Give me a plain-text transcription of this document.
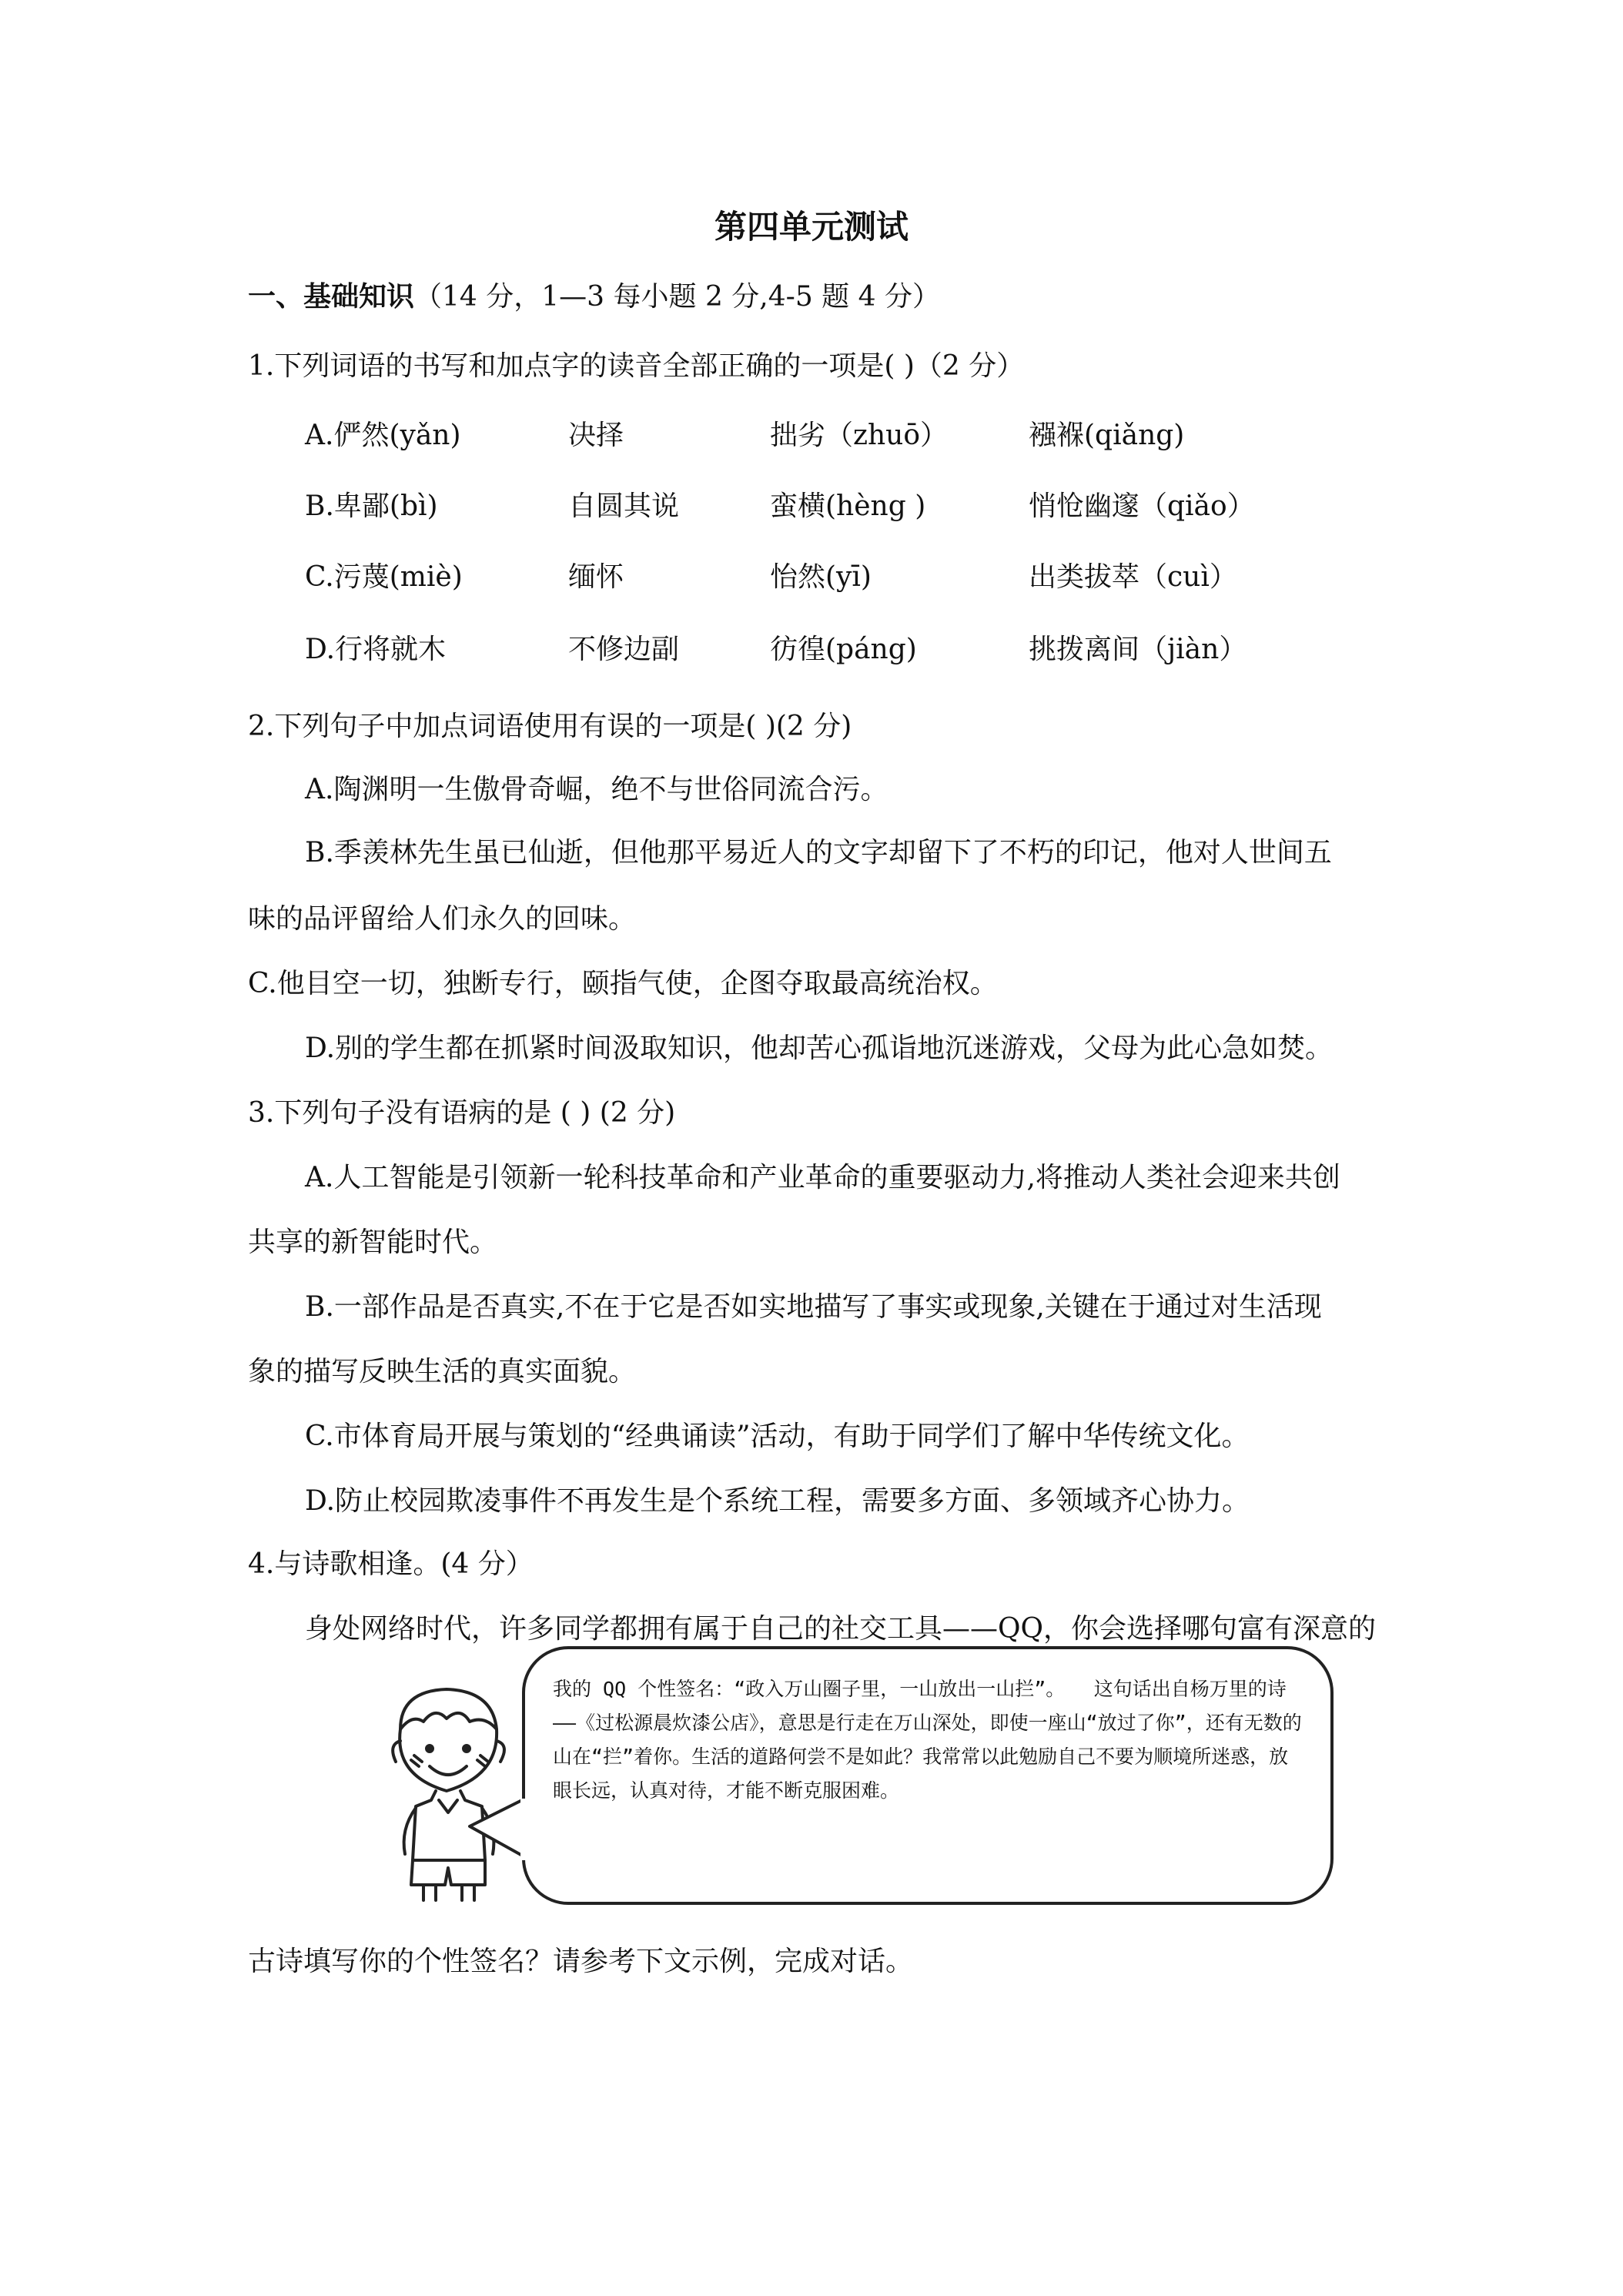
第四单元测试
一、基础知识（14 分，1—3 每小题 2 分,4-5 题 4 分）
1.下列词语的书写和加点字的读音全部正确的一项是( )（2 分）
A.俨然(yǎn)	决择	拙劣（zhuō）	襁褓(qiǎng)
B.卑鄙(bì)	自圆其说	蛮横(hèng )	悄怆幽邃（qiǎo）
C.污蔑(miè)	缅怀	怡然(yī)	出类拔萃（cuì）
D.行将就木	不修边副	彷徨(páng)	挑拨离间（jiàn）
2.下列句子中加点词语使用有误的一项是( )(2 分)
A.陶渊明一生傲骨奇崛，绝不与世俗同流合污。
B.季羡林先生虽已仙逝，但他那平易近人的文字却留下了不朽的印记，他对人世间五
味的品评留给人们永久的回味。
C.他目空一切，独断专行，颐指气使，企图夺取最高统治权。
D.别的学生都在抓紧时间汲取知识，他却苦心孤诣地沉迷游戏，父母为此心急如焚。
3.下列句子没有语病的是 ( ) (2 分)
A.人工智能是引领新一轮科技革命和产业革命的重要驱动力,将推动人类社会迎来共创
共享的新智能时代。
B.一部作品是否真实,不在于它是否如实地描写了事实或现象,关键在于通过对生活现
象的描写反映生活的真实面貌。
C.市体育局开展与策划的“经典诵读”活动，有助于同学们了解中华传统文化。
D.防止校园欺凌事件不再发生是个系统工程，需要多方面、多领域齐心协力。
4.与诗歌相逢。(4 分）
身处网络时代，许多同学都拥有属于自己的社交工具——QQ，你会选择哪句富有深意的
我的 QQ 个性签名：“政入万山圈子里，一山放出一山拦”。　　这句话出自杨万里的诗——《过松源晨炊漆公店》，意思是行走在万山深处，即使一座山“放过了你”，还有无数的山在“拦”着你。生活的道路何尝不是如此？我常常以此勉励自己不要为顺境所迷惑，放眼长远，认真对待，才能不断克服困难。
古诗填写你的个性签名？请参考下文示例，完成对话。
